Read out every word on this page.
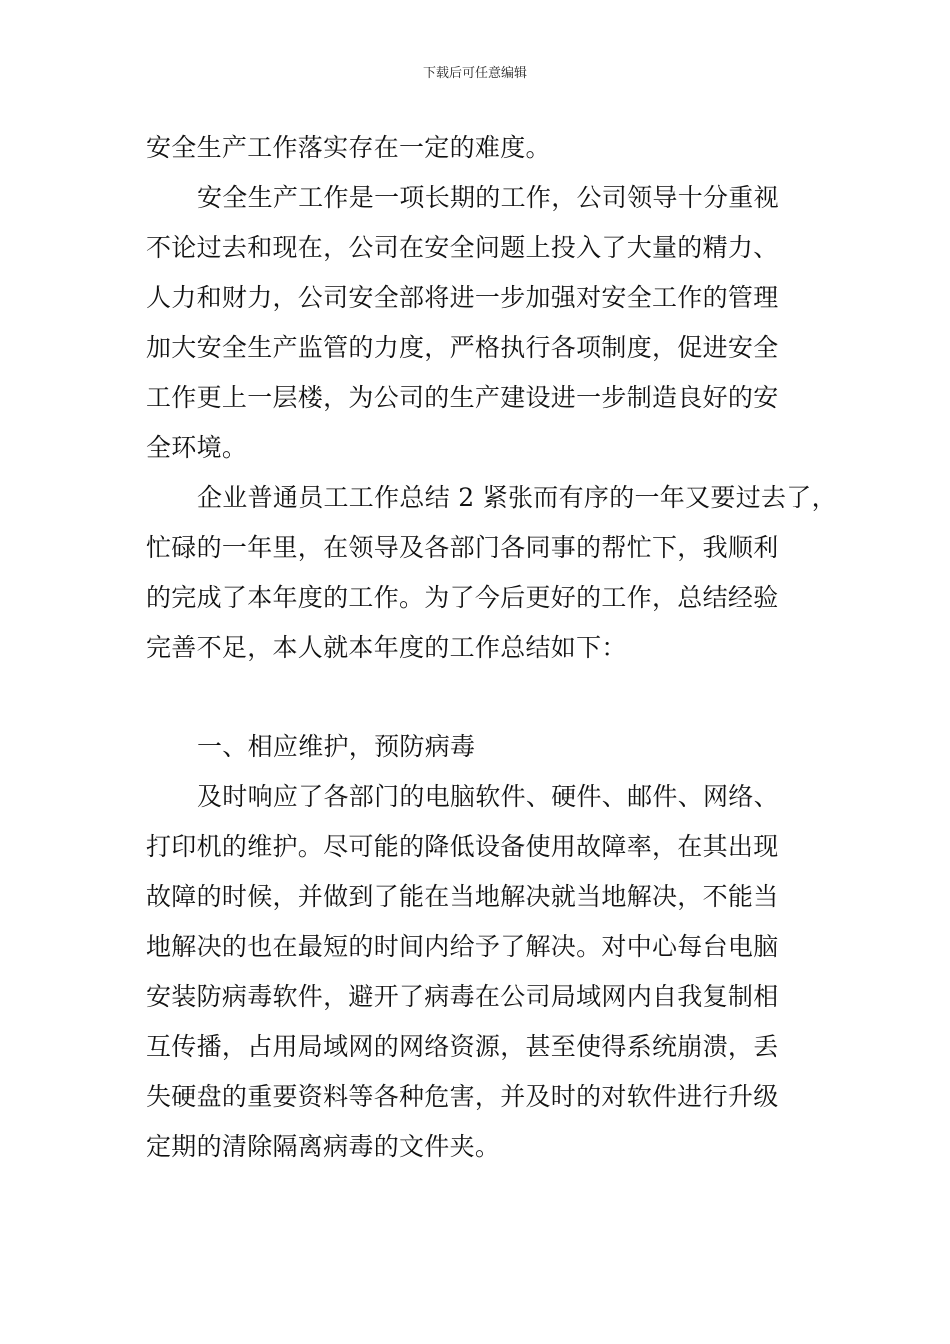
下载后可任意编辑
安全生产工作落实存在一定的难度。
安全生产工作是一项长期的工作，公司领导十分重视
不论过去和现在，公司在安全问题上投入了大量的精力、
人力和财力，公司安全部将进一步加强对安全工作的管理
加大安全生产监管的力度，严格执行各项制度，促进安全
工作更上一层楼，为公司的生产建设进一步制造良好的安
全环境。
企业普通员工工作总结 2 紧张而有序的一年又要过去了，
忙碌的一年里，在领导及各部门各同事的帮忙下，我顺利
的完成了本年度的工作。为了今后更好的工作，总结经验
完善不足，本人就本年度的工作总结如下：
一、相应维护，预防病毒
及时响应了各部门的电脑软件、硬件、邮件、网络、
打印机的维护。尽可能的降低设备使用故障率，在其出现
故障的时候，并做到了能在当地解决就当地解决，不能当
地解决的也在最短的时间内给予了解决。对中心每台电脑
安装防病毒软件，避开了病毒在公司局域网内自我复制相
互传播，占用局域网的网络资源，甚至使得系统崩溃，丢
失硬盘的重要资料等各种危害，并及时的对软件进行升级
定期的清除隔离病毒的文件夹。
